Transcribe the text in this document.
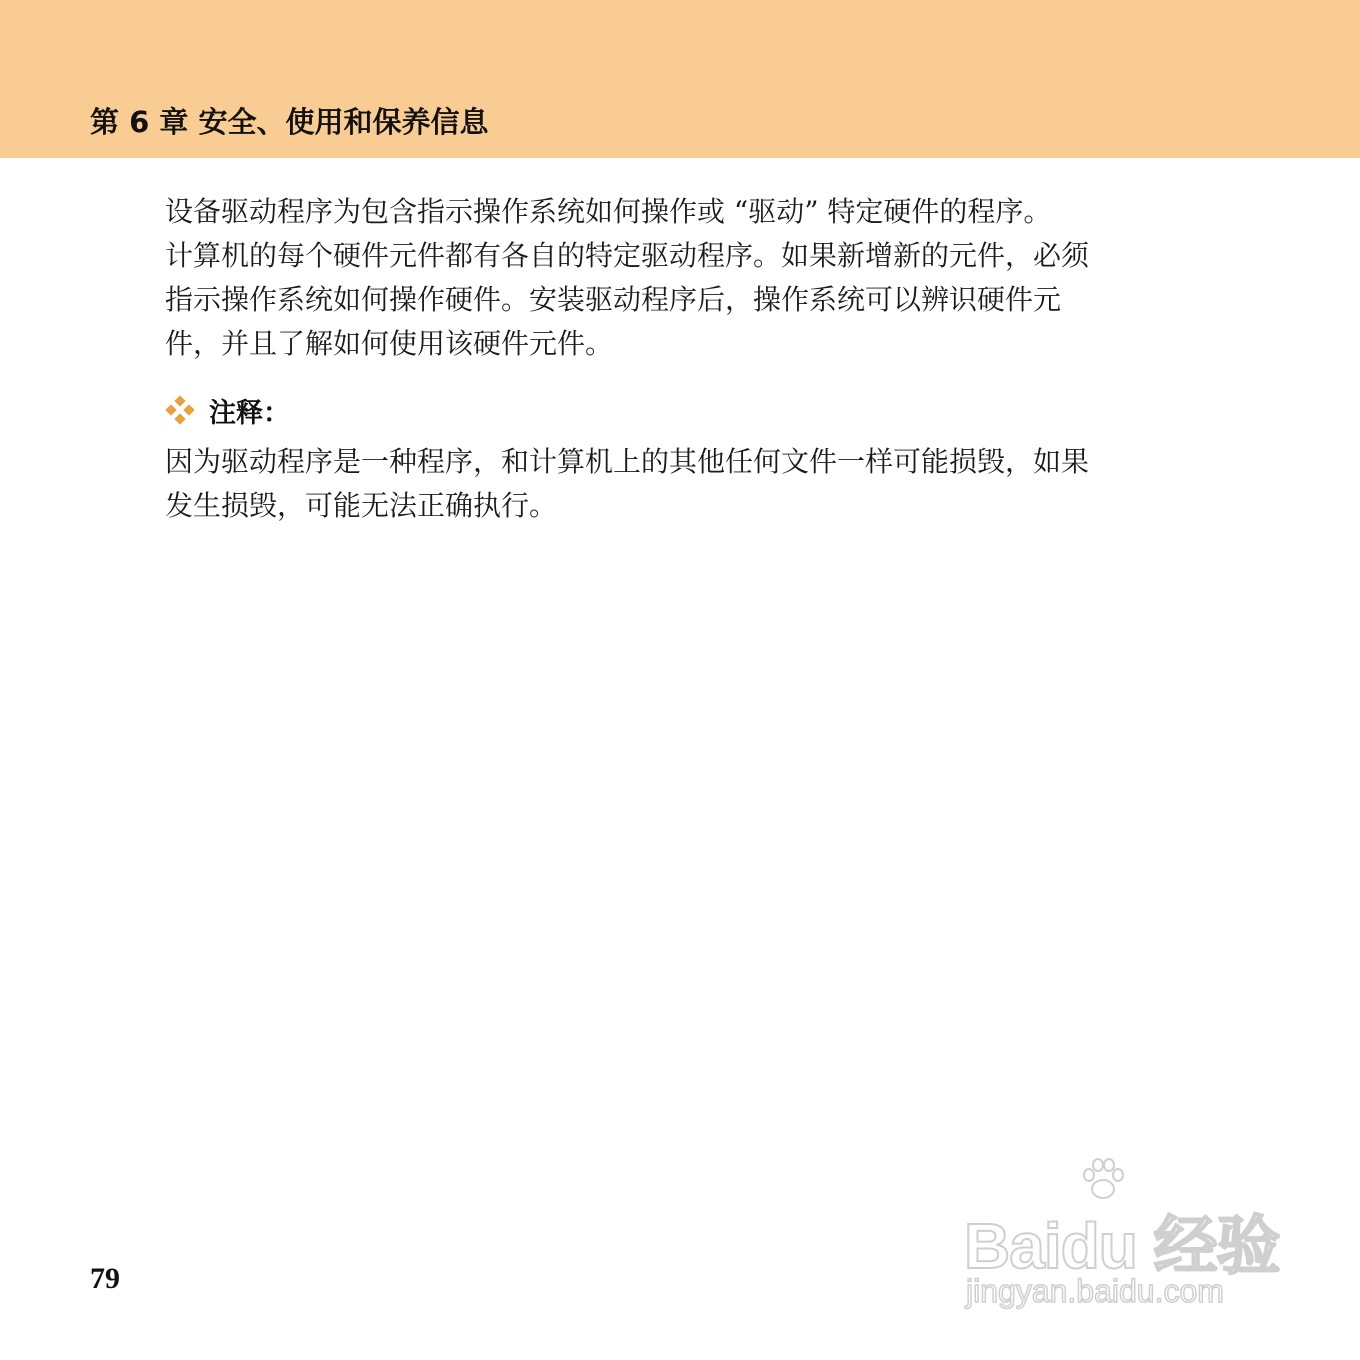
第 6 章 安全、使用和保养信息

设备驱动程序为包含指示操作系统如何操作或 “驱动” 特定硬件的程序。
计算机的每个硬件元件都有各自的特定驱动程序。如果新增新的元件，必须
指示操作系统如何操作硬件。安装驱动程序后，操作系统可以辨识硬件元
件，并且了解如何使用该硬件元件。

注释：

因为驱动程序是一种程序，和计算机上的其他任何文件一样可能损毁，如果
发生损毁，可能无法正确执行。

79	Baidu 经验
jingyan.baidu.com
